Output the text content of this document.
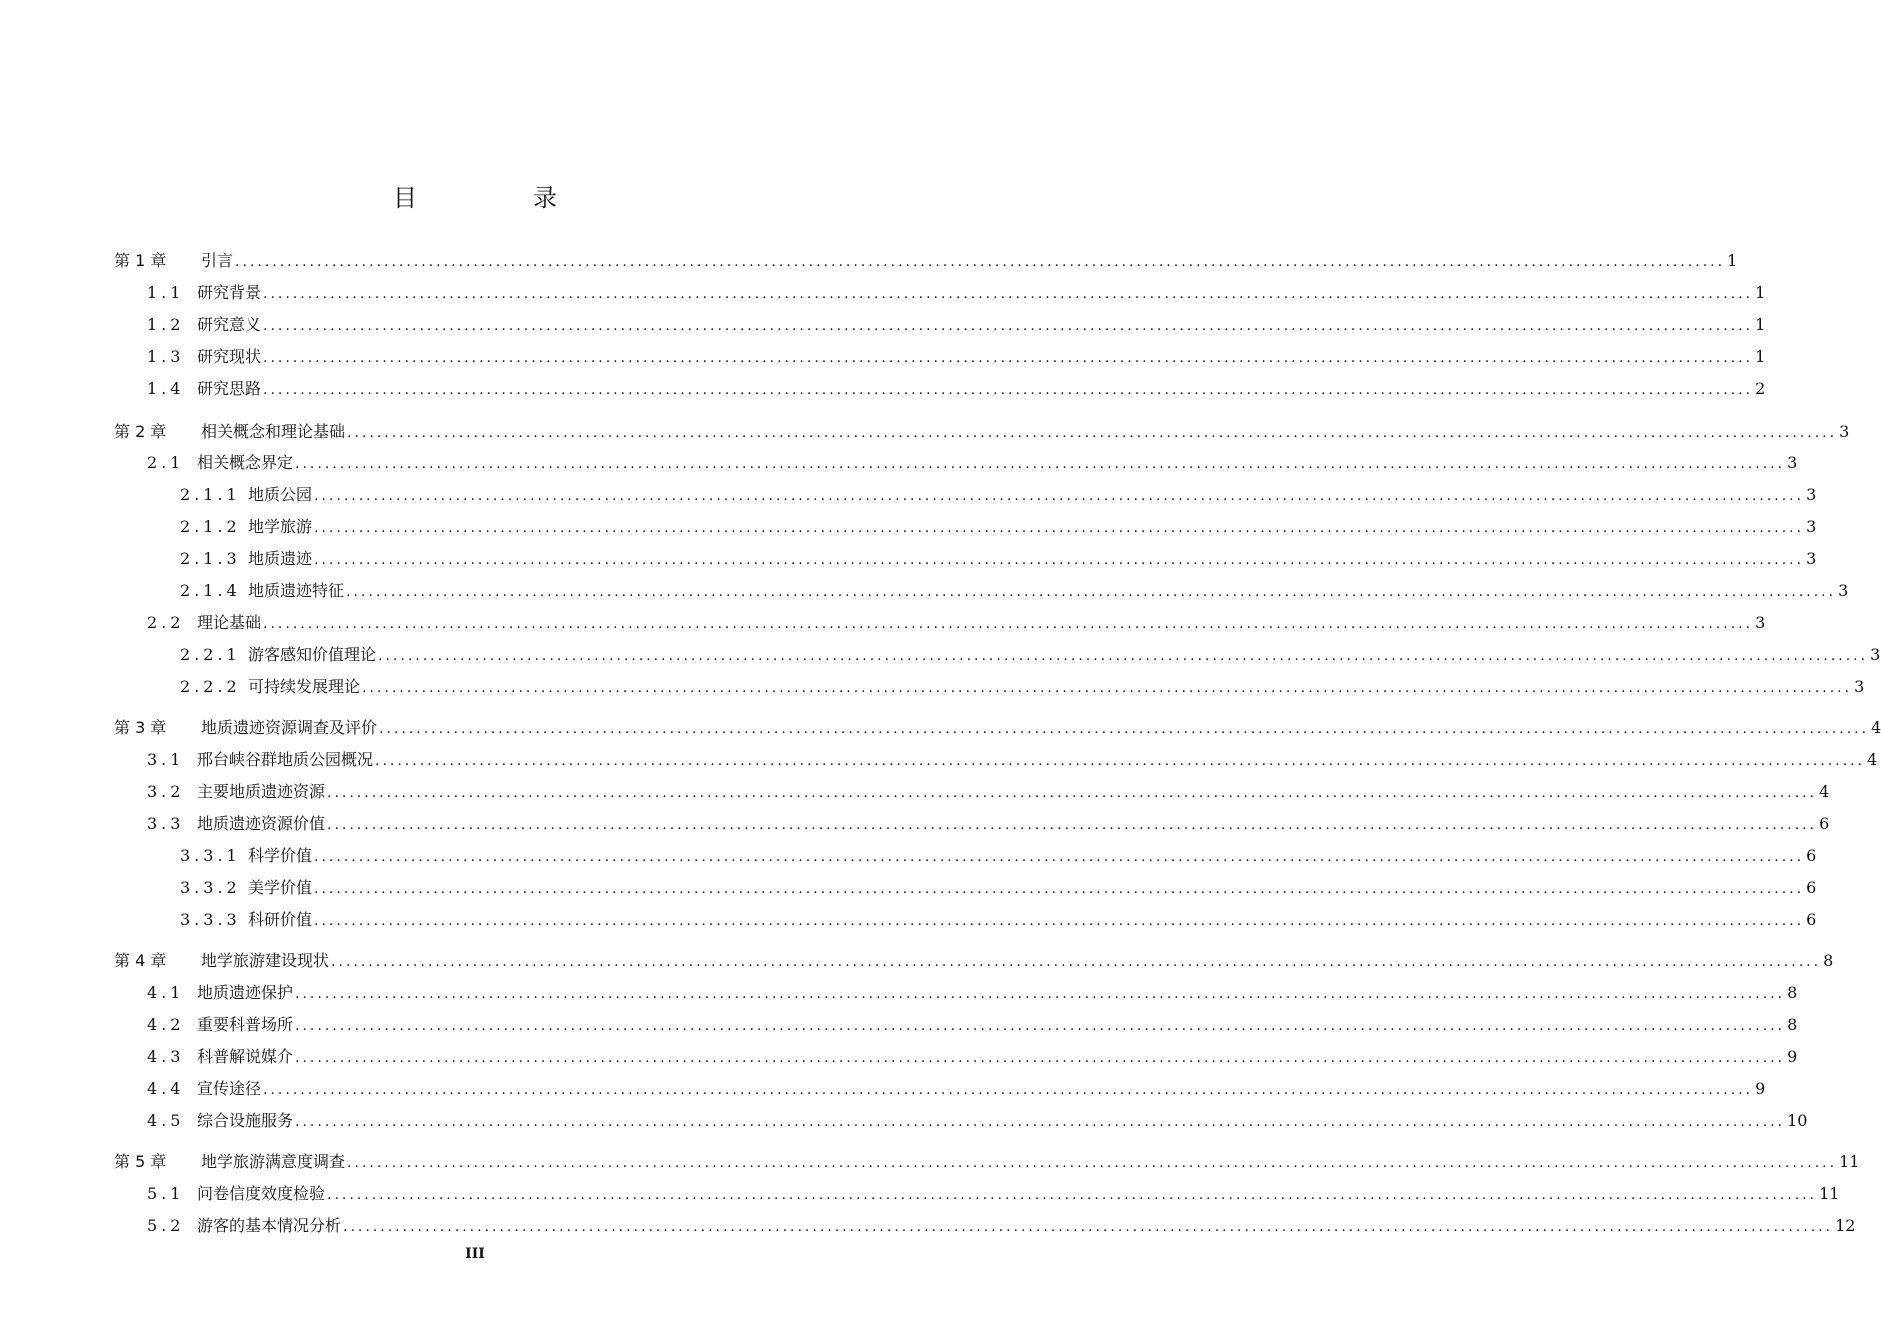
目　录
第 1 章	引言 ........................................................................................................................................................................................................ 1
1.1 研究背景 ........................................................................................................................................................................................................ 1
1.2 研究意义 ........................................................................................................................................................................................................ 1
1.3 研究现状 ........................................................................................................................................................................................................ 1
1.4 研究思路 ........................................................................................................................................................................................................ 2
第 2 章	相关概念和理论基础 ........................................................................................................................................................................................................ 3
2.1 相关概念界定 ........................................................................................................................................................................................................ 3
2.1.1 地质公园 ........................................................................................................................................................................................................ 3
2.1.2 地学旅游 ........................................................................................................................................................................................................ 3
2.1.3 地质遗迹 ........................................................................................................................................................................................................ 3
2.1.4 地质遗迹特征 ........................................................................................................................................................................................................ 3
2.2 理论基础 ........................................................................................................................................................................................................ 3
2.2.1 游客感知价值理论 ........................................................................................................................................................................................................ 3
2.2.2 可持续发展理论 ........................................................................................................................................................................................................ 3
第 3 章	地质遗迹资源调查及评价 ........................................................................................................................................................................................................ 4
3.1 邢台峡谷群地质公园概况 ........................................................................................................................................................................................................ 4
3.2 主要地质遗迹资源 ........................................................................................................................................................................................................ 4
3.3 地质遗迹资源价值 ........................................................................................................................................................................................................ 6
3.3.1 科学价值 ........................................................................................................................................................................................................ 6
3.3.2 美学价值 ........................................................................................................................................................................................................ 6
3.3.3 科研价值 ........................................................................................................................................................................................................ 6
第 4 章	地学旅游建设现状 ........................................................................................................................................................................................................ 8
4.1 地质遗迹保护 ........................................................................................................................................................................................................ 8
4.2 重要科普场所 ........................................................................................................................................................................................................ 8
4.3 科普解说媒介 ........................................................................................................................................................................................................ 9
4.4 宣传途径 ........................................................................................................................................................................................................ 9
4.5 综合设施服务 ........................................................................................................................................................................................................ 10
第 5 章	地学旅游满意度调查 ........................................................................................................................................................................................................ 11
5.1 问卷信度效度检验 ........................................................................................................................................................................................................ 11
5.2 游客的基本情况分析 ........................................................................................................................................................................................................ 12
III
